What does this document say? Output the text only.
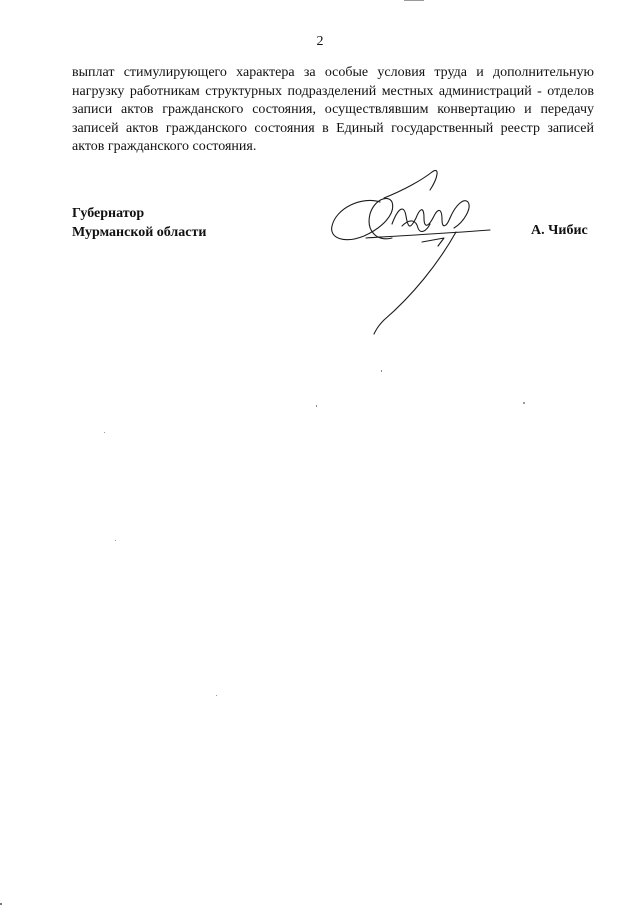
2
выплат стимулирующего характера за особые условия труда и дополнительную нагрузку работникам структурных подразделений местных администраций - отделов записи актов гражданского состояния, осуществлявшим конвертацию и передачу записей актов гражданского состояния в Единый государственный реестр записей актов гражданского состояния.
Губернатор
Мурманской области	А. Чибис
